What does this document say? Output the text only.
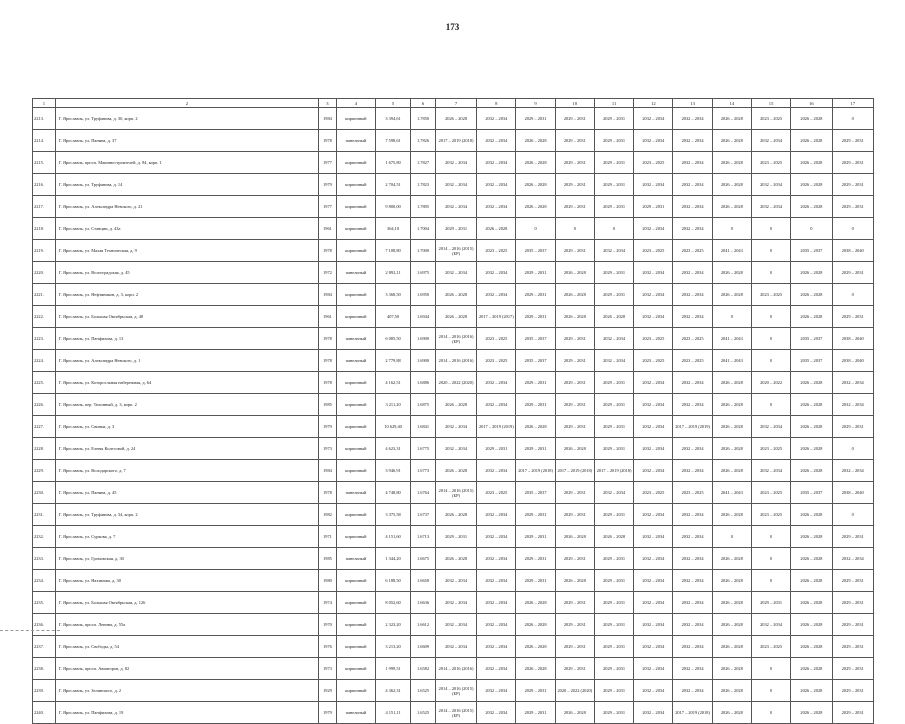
173
1	2	3	4	5	6	7	8	9	10	11	12	13	14	15	16	17
2213.	Г. Ярославль, ул. Труфанова, д. 30, корп. 2	1984	кирпичный	3 394,61	1.7850	2026 – 2028	2032 – 2034	2029 – 2031	2029 – 2031	2029 – 2031	2032 – 2034	2032 – 2034	2026 – 2028	2023 – 2025	2026 – 2028	0
2214.	Г. Ярославль, ул. Панина, д. 37	1978	панельный	7 598,61	1.7826	2017 – 2019 (2018)	2032 – 2034	2026 – 2028	2029 – 2031	2029 – 2031	2032 – 2034	2032 – 2034	2026 – 2028	2032 – 2034	2026 – 2028	2029 – 2031
2215.	Г. Ярославль, просп. Машиностроителей, д. 84, корп. 1	1977	кирпичный	1 675,80	1.7827	2032 – 2034	2032 – 2034	2026 – 2028	2029 – 2031	2029 – 2031	2023 – 2025	2032 – 2034	2026 – 2028	2023 – 2025	2026 – 2028	2029 – 2031
2216.	Г. Ярославль, ул. Труфанова, д. 14	1979	кирпичный	2 704,51	1.7823	2032 – 2034	2032 – 2034	2026 – 2028	2029 – 2031	2029 – 2031	2032 – 2034	2032 – 2034	2026 – 2028	2032 – 2034	2026 – 2028	2029 – 2031
2217.	Г. Ярославль, ул. Александра Невского, д. 21	1977	кирпичный	9 800,00	1.7805	2032 – 2034	2032 – 2034	2026 – 2028	2029 – 2031	2029 – 2031	2029 – 2031	2032 – 2034	2026 – 2028	2032 – 2034	2026 – 2028	2029 – 2031
2218.	Г. Ярославль, ул. Станции, д. 43а	1961	кирпичный	364,10	1.7004	2029 – 2031	2026 – 2028	0	0	0	2032 – 2034	2032 – 2034	0	0	0	0
2219.	Г. Ярославль, ул. Малая Техническая, д. 9	1978	кирпичный	7 108,80	1.7000	2014 – 2016 (2015) (БР)	2023 – 2025	2035 – 2037	2029 – 2031	2032 – 2034	2023 – 2025	2023 – 2025	2041 – 2043	0	2035 – 2037	2038 – 2040
2220.	Г. Ярославль, ул. Волгоградская, д. 45	1972	панельный	2 892,11	1.6975	2032 – 2034	2032 – 2034	2029 – 2031	2026 – 2028	2029 – 2031	2032 – 2034	2032 – 2034	2026 – 2028	0	2026 – 2028	2029 – 2031
2221.	Г. Ярославль, ул. Нефтяников, д. 3, корп. 2	1984	кирпичный	3 368,50	1.6950	2026 – 2028	2032 – 2034	2029 – 2031	2026 – 2028	2029 – 2031	2032 – 2034	2032 – 2034	2026 – 2028	2023 – 2025	2026 – 2028	0
2222.	Г. Ярославль, ул. Большая Октябрьская, д. 48	1961	кирпичный	407,50	1.6944	2026 – 2028	2017 – 2019 (2017)	2029 – 2031	2026 – 2028	2026 – 2028	2032 – 2034	2032 – 2034	0	0	2026 – 2028	2029 – 2031
2223.	Г. Ярославль, ул. Панфилова, д. 13	1978	панельный	6 085,50	1.6900	2014 – 2016 (2016) (БР)	2023 – 2025	2035 – 2037	2029 – 2031	2032 – 2034	2023 – 2025	2023 – 2025	2041 – 2043	0	2035 – 2037	2038 – 2040
2224.	Г. Ярославль, ул. Александра Невского, д. 1	1978	панельный	2 779,88	1.6900	2014 – 2016 (2016)	2023 – 2025	2035 – 2037	2029 – 2031	2032 – 2034	2023 – 2025	2023 – 2025	2041 – 2043	0	2035 – 2037	2038 – 2040
2225.	Г. Ярославль, ул. Которосльная набережная, д. 64	1978	кирпичный	4 162,51	1.6886	2020 – 2022 (2020)	2032 – 2034	2029 – 2031	2029 – 2031	2029 – 2031	2032 – 2034	2032 – 2034	2026 – 2028	2020 – 2022	2026 – 2028	2032 – 2034
2226.	Г. Ярославль, пер. Тихонный, д. 3, корп. 2	1985	кирпичный	3 211,20	1.6875	2026 – 2028	2032 – 2034	2029 – 2031	2029 – 2031	2029 – 2031	2032 – 2034	2032 – 2034	2026 – 2028	0	2026 – 2028	2032 – 2034
2227.	Г. Ярославль, ул. Свиньи, д. 3	1979	кирпичный	10 629,40	1.6841	2032 – 2034	2017 – 2019 (2019)	2026 – 2028	2029 – 2031	2029 – 2031	2032 – 2034	2017 – 2019 (2019)	2026 – 2028	2032 – 2034	2026 – 2028	2029 – 2031
2228.	Г. Ярославль, ул. Елены Колесовой, д. 24	1973	кирпичный	4 623,31	1.6775	2032 – 2034	2029 – 2031	2029 – 2031	2026 – 2028	2029 – 2031	2032 – 2034	2032 – 2034	2026 – 2028	2023 – 2025	2026 – 2028	0
2229.	Г. Ярославль, ул. Володарского, д. 7	1984	кирпичный	3 946,91	1.6773	2026 – 2028	2032 – 2034	2017 – 2019 (2018)	2017 – 2019 (2018)	2017 – 2019 (2018)	2032 – 2034	2032 – 2034	2026 – 2028	2032 – 2034	2026 – 2028	2032 – 2034
2230.	Г. Ярославль, ул. Панина, д. 45	1978	панельный	4 748,80	1.6764	2014 – 2016 (2015) (БР)	2023 – 2025	2035 – 2037	2029 – 2031	2032 – 2034	2023 – 2025	2023 – 2025	2041 – 2043	2023 – 2025	2035 – 2037	2038 – 2040
2231.	Г. Ярославль, ул. Труфанова, д. 34, корп. 2	1982	кирпичный	3 375,58	1.6737	2026 – 2028	2032 – 2034	2029 – 2031	2029 – 2031	2029 – 2031	2032 – 2034	2032 – 2034	2026 – 2028	2023 – 2025	2026 – 2028	0
2232.	Г. Ярославль, ул. Суркова, д. 7	1971	кирпичный	4 151,60	1.6713	2029 – 2031	2032 – 2034	2029 – 2031	2026 – 2028	2026 – 2028	2032 – 2034	2032 – 2034	0	0	2026 – 2028	2029 – 2031
2233.	Г. Ярославль, ул. Громовская, д. 30	1985	панельный	1 344,20	1.6675	2026 – 2028	2032 – 2034	2029 – 2031	2029 – 2031	2029 – 2031	2032 – 2034	2032 – 2034	2026 – 2028	0	2026 – 2028	2032 – 2034
2234.	Г. Ярославль, ул. Нахимова, д. 30	1980	кирпичный	6 188,50	1.6658	2032 – 2034	2032 – 2034	2029 – 2031	2026 – 2028	2029 – 2031	2032 – 2034	2032 – 2034	2026 – 2028	0	2026 – 2028	2029 – 2031
2235.	Г. Ярославль, ул. Большая Октябрьская, д. 126	1974	кирпичный	8 052,60	1.6636	2032 – 2034	2032 – 2034	2026 – 2028	2029 – 2031	2029 – 2031	2032 – 2034	2032 – 2034	2026 – 2028	2029 – 2031	2026 – 2028	2029 – 2031
2236.	Г. Ярославль, просп. Ленина, д. 55а	1970	кирпичный	2 323,20	1.6612	2032 – 2034	2032 – 2034	2026 – 2028	2029 – 2031	2029 – 2031	2032 – 2034	2032 – 2034	2026 – 2028	2032 – 2034	2026 – 2028	2029 – 2031
2237.	Г. Ярославль, ул. Свободы, д. 54	1976	кирпичный	3 213,20	1.6609	2032 – 2034	2032 – 2034	2026 – 2028	2029 – 2031	2029 – 2031	2032 – 2034	2032 – 2034	2026 – 2028	2023 – 2025	2026 – 2028	2029 – 2031
2238.	Г. Ярославль, просп. Авиаторов, д. 82	1973	кирпичный	1 999,51	1.6582	2014 – 2016 (2016)	2032 – 2034	2026 – 2028	2029 – 2031	2029 – 2031	2032 – 2034	2032 – 2034	2026 – 2028	0	2026 – 2028	2029 – 2031
2239.	Г. Ярославль, ул. Зелинского, д. 2	1929	кирпичный	4 362,31	1.6525	2014 – 2016 (2015) (БР)	2032 – 2034	2029 – 2031	2020 – 2022 (2020)	2029 – 2031	2032 – 2034	2032 – 2034	2026 – 2028	0	2026 – 2028	2029 – 2031
2240.	Г. Ярославль, ул. Панфилова, д. 19	1979	панельный	4 151,11	1.6525	2014 – 2016 (2015) (БР)	2032 – 2034	2029 – 2031	2026 – 2028	2029 – 2031	2032 – 2034	2017 – 2019 (2018)	2026 – 2028	0	2026 – 2028	2029 – 2031
